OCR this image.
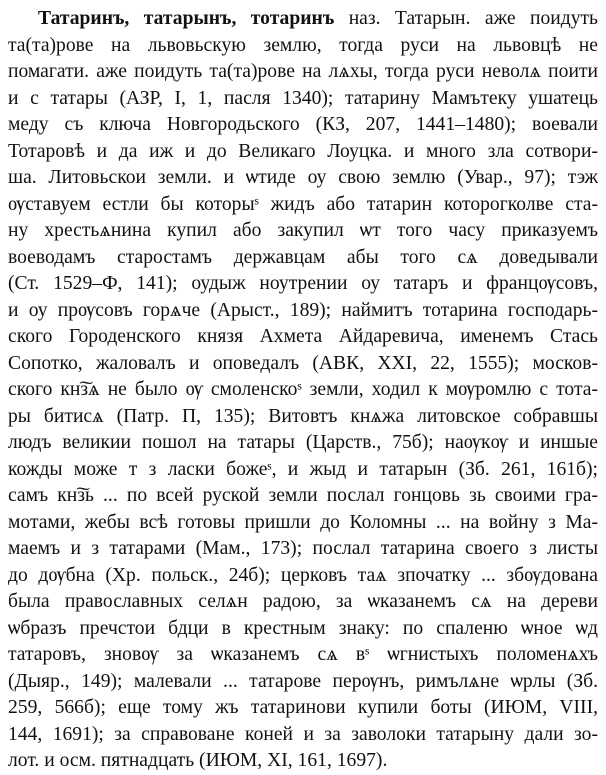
Татаринъ, татарынъ, тотаринъ наз. Татарын. аже поидуть
та(та)рове на львовьскую землю, тогда руси на львовцѣ не
помагати. аже поидуть та(та)рове на лѧхы, тогда руси неволѧ поити
и с татары (АЗР, І, 1, пасля 1340); татарину Мамътеку ушатець
меду съ ключа Новгородьского (КЗ, 207, 1441–1480); воевали
Тотаровѣ и да иж и до Великаго Лоуцка. и много зла сотвори-
ша. Литовьскои земли. и ѡтиде оу свою землю (Увар., 97); тэж
ѹставуем естли бы которыˢ жидъ або татарин которогколве ста-
ну хрестьѧнина купил або закупил ѡт того часу приказуемъ
воеводамъ старостамъ державцам абы того сѧ доведывали
(Ст. 1529–Ф, 141); оудыж ноутрении оу татаръ и францѹсовъ,
и оу прѹсовъ горѧче (Арыст., 189); наймитъ тотарина господарь-
ского Городенского князя Ахмета Айдаревича, именемъ Стась
Сопотко, жаловалъ и оповедалъ (АВК, ХХІ, 22, 1555); москов-
ского кн͠зѧ не было ѹ смоленскоˢ земли, ходил к мѹромлю с тота-
ры битисѧ (Патр. П, 135); Витовтъ кнѧжа литовское собравшы
людъ великии пошол на татары (Царств., 75б); наѹкѹ и иншые
кожды може т з ласки божеˢ, и жыд и татарын (Зб. 261, 161б);
самъ кн͠зь ... по всей руской земли послал гонцовь зь своими гра-
мотами, жебы всѣ готовы пришли до Коломны ... на войну з Ма-
маемъ и з татарами (Мам., 173); послал татарина своего з листы
до дѹбна (Хр. польск., 24б); церковъ таѧ зпочатку ... збѹдована
была православных селѧн радою, за ѡказанемъ сѧ на дереви
ѡбразъ пречстои бдци в крестным знаку: по спаленю ѡное ѡд
татаровъ, зновѹ за ѡказанемъ сѧ вˢ ѡгнистыхъ поломенѧхъ
(Дыяр., 149); малевали ... татарове перѹнъ, римълѧне ѡрлы (Зб.
259, 566б); еще тому жъ татаринови купили боты (ИЮМ, VIII,
144, 1691); за справоване коней и за заволоки татарыну дали зо-
лот. и осм. пятнадцать (ИЮМ, ХІ, 161, 1697).
